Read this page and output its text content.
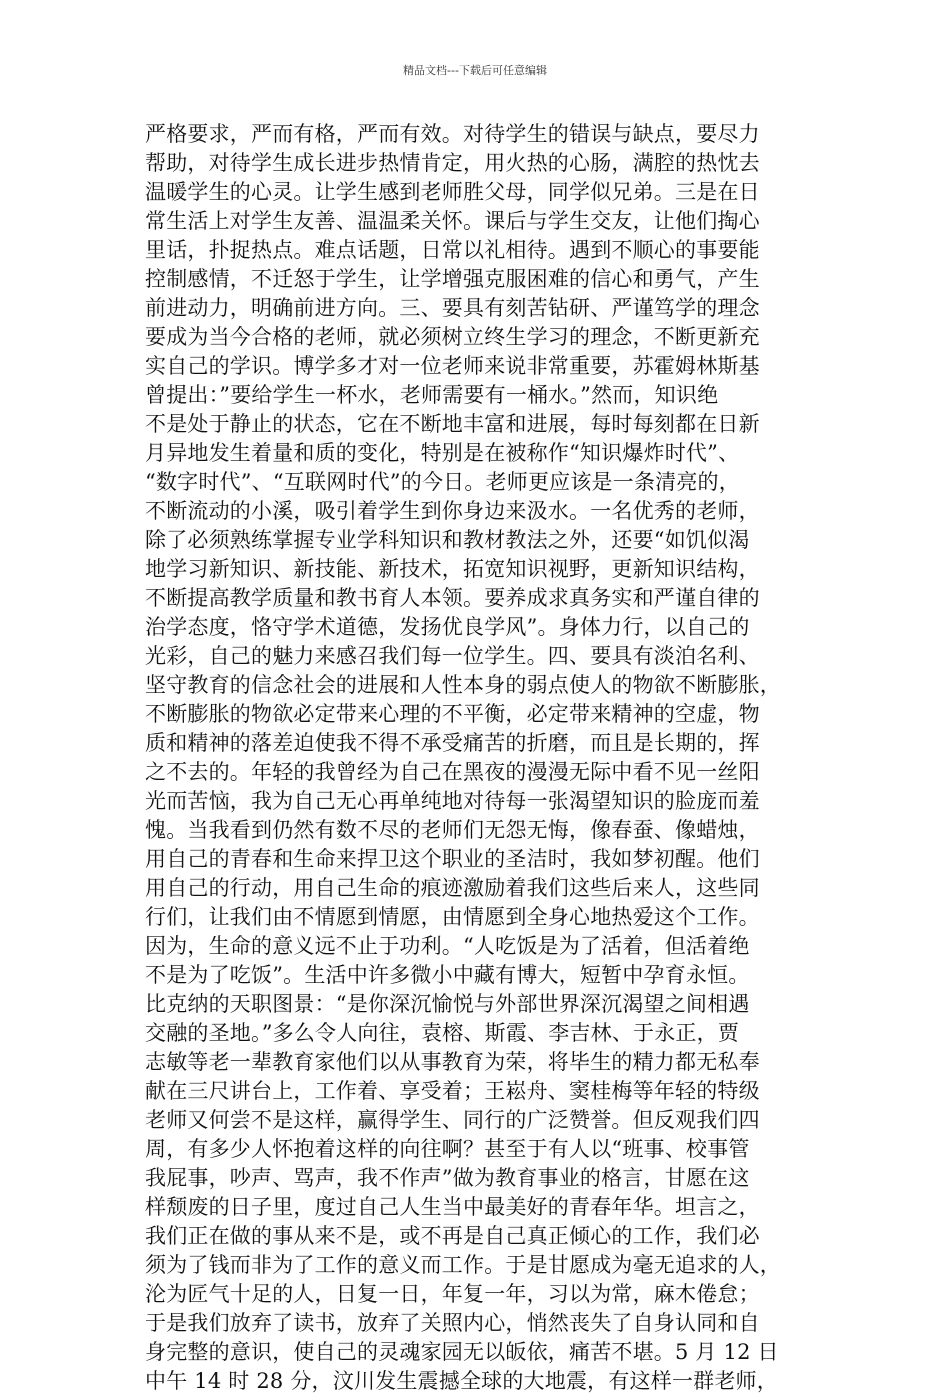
精品文档---下载后可任意编辑
严格要求，严而有格，严而有效。对待学生的错误与缺点，要尽力
帮助，对待学生成长进步热情肯定，用火热的心肠，满腔的热忱去
温暖学生的心灵。让学生感到老师胜父母，同学似兄弟。三是在日
常生活上对学生友善、温温柔关怀。课后与学生交友，让他们掏心
里话，扑捉热点。难点话题，日常以礼相待。遇到不顺心的事要能
控制感情，不迁怒于学生，让学增强克服困难的信心和勇气，产生
前进动力，明确前进方向。三、要具有刻苦钻研、严谨笃学的理念
要成为当今合格的老师，就必须树立终生学习的理念，不断更新充
实自己的学识。博学多才对一位老师来说非常重要，苏霍姆林斯基
曾提出：”要给学生一杯水，老师需要有一桶水。”然而，知识绝
不是处于静止的状态，它在不断地丰富和进展，每时每刻都在日新
月异地发生着量和质的变化，特别是在被称作“知识爆炸时代”、
“数字时代”、“互联网时代”的今日。老师更应该是一条清亮的，
不断流动的小溪，吸引着学生到你身边来汲水。一名优秀的老师，
除了必须熟练掌握专业学科知识和教材教法之外，还要“如饥似渴
地学习新知识、新技能、新技术，拓宽知识视野，更新知识结构，
不断提高教学质量和教书育人本领。要养成求真务实和严谨自律的
治学态度，恪守学术道德，发扬优良学风”。身体力行，以自己的
光彩，自己的魅力来感召我们每一位学生。四、要具有淡泊名利、
坚守教育的信念社会的进展和人性本身的弱点使人的物欲不断膨胀，
不断膨胀的物欲必定带来心理的不平衡，必定带来精神的空虚，物
质和精神的落差迫使我不得不承受痛苦的折磨，而且是长期的，挥
之不去的。年轻的我曾经为自己在黑夜的漫漫无际中看不见一丝阳
光而苦恼，我为自己无心再单纯地对待每一张渴望知识的脸庞而羞
愧。当我看到仍然有数不尽的老师们无怨无悔，像春蚕、像蜡烛，
用自己的青春和生命来捍卫这个职业的圣洁时，我如梦初醒。他们
用自己的行动，用自己生命的痕迹激励着我们这些后来人，这些同
行们，让我们由不情愿到情愿，由情愿到全身心地热爱这个工作。
因为，生命的意义远不止于功利。“人吃饭是为了活着，但活着绝
不是为了吃饭”。生活中许多微小中藏有博大，短暂中孕育永恒。
比克纳的天职图景：“是你深沉愉悦与外部世界深沉渴望之间相遇
交融的圣地。”多么令人向往，袁榕、斯霞、李吉林、于永正，贾
志敏等老一辈教育家他们以从事教育为荣，将毕生的精力都无私奉
献在三尺讲台上，工作着、享受着；王崧舟、窦桂梅等年轻的特级
老师又何尝不是这样，赢得学生、同行的广泛赞誉。但反观我们四
周，有多少人怀抱着这样的向往啊？甚至于有人以“班事、校事管
我屁事，吵声、骂声，我不作声”做为教育事业的格言，甘愿在这
样颓废的日子里，度过自己人生当中最美好的青春年华。坦言之，
我们正在做的事从来不是，或不再是自己真正倾心的工作，我们必
须为了钱而非为了工作的意义而工作。于是甘愿成为毫无追求的人，
沦为匠气十足的人，日复一日，年复一年，习以为常，麻木倦怠；
于是我们放弃了读书，放弃了关照内心，悄然丧失了自身认同和自
身完整的意识，使自己的灵魂家园无以皈依，痛苦不堪。5 月 12 日
中午 14 时 28 分，汶川发生震撼全球的大地震，有这样一群老师，
